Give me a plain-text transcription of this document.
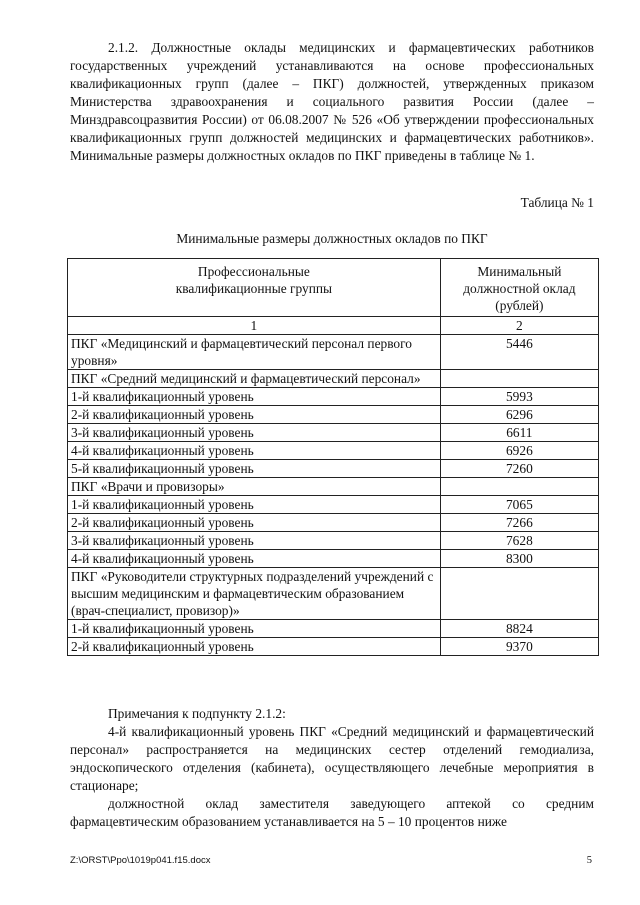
2.1.2. Должностные оклады медицинских и фармацевтических работников государственных учреждений устанавливаются на основе профессиональных квалификационных групп (далее – ПКГ) должностей, утвержденных приказом Министерства здравоохранения и социального развития России (далее – Минздравсоцразвития России) от 06.08.2007 № 526 «Об утверждении профессиональных квалификационных групп должностей медицинских и фармацевтических работников». Минимальные размеры должностных окладов по ПКГ приведены в таблице № 1.

Таблица № 1

Минимальные размеры должностных окладов по ПКГ

Профессиональные квалификационные группы	Минимальный должностной оклад (рублей)
1	2
ПКГ «Медицинский и фармацевтический персонал первого уровня»	5446
ПКГ «Средний медицинский и фармацевтический персонал»	
1-й квалификационный уровень	5993
2-й квалификационный уровень	6296
3-й квалификационный уровень	6611
4-й квалификационный уровень	6926
5-й квалификационный уровень	7260
ПКГ «Врачи и провизоры»	
1-й квалификационный уровень	7065
2-й квалификационный уровень	7266
3-й квалификационный уровень	7628
4-й квалификационный уровень	8300
ПКГ «Руководители структурных подразделений учреждений с высшим медицинским и фармацевтическим образованием (врач-специалист, провизор)»	
1-й квалификационный уровень	8824
2-й квалификационный уровень	9370

Примечания к подпункту 2.1.2:

4-й квалификационный уровень ПКГ «Средний медицинский и фармацевтический персонал» распространяется на медицинских сестер отделений гемодиализа, эндоскопического отделения (кабинета), осуществляющего лечебные мероприятия в стационаре;

должностной оклад заместителя заведующего аптекой со средним фармацевтическим образованием устанавливается на 5 – 10 процентов ниже

Z:\ORST\Ppo\1019p041.f15.docx	5
